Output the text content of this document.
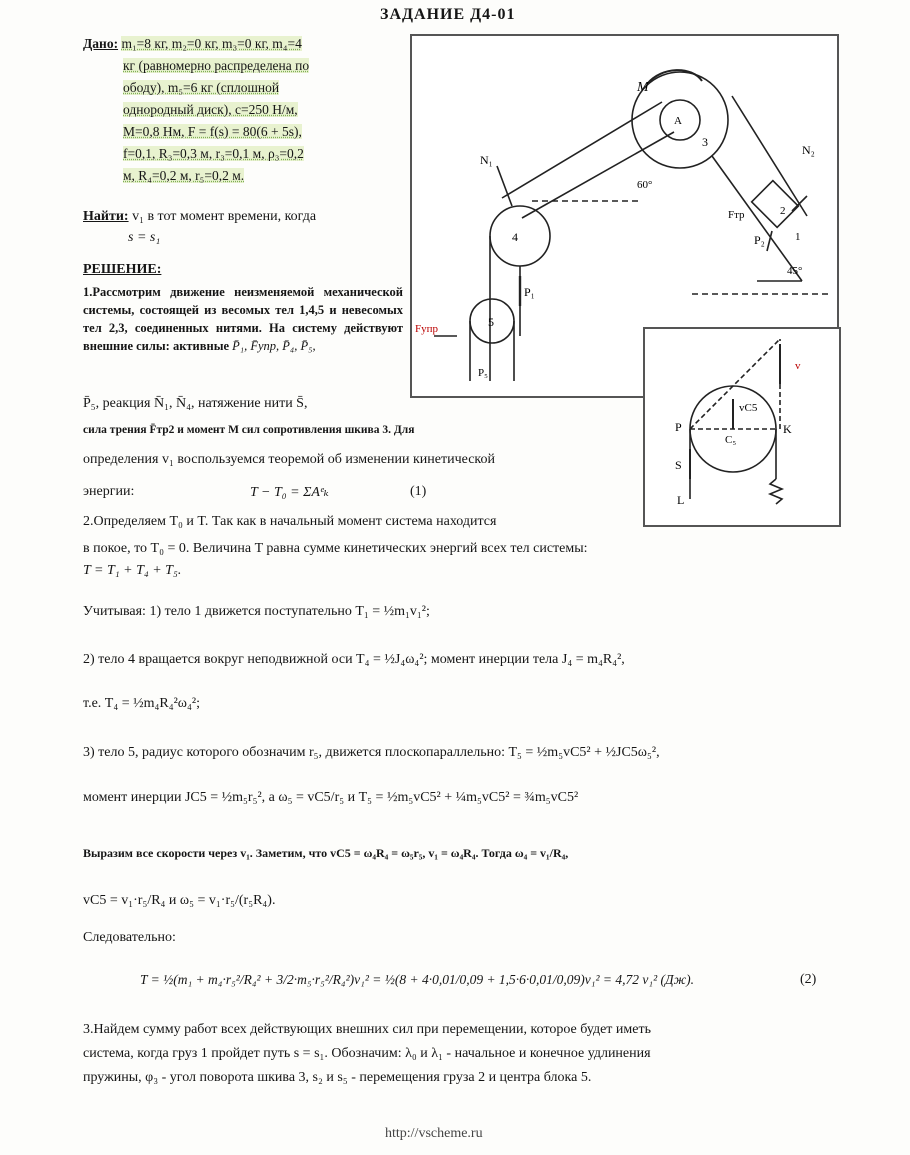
ЗАДАНИЕ Д4-01
Дано: m₁=8 кг, m₂=0 кг, m₃=0 кг, m₄=4
кг (равномерно распределена по
ободу), m₅=6 кг (сплошной
однородный диск), c=250 Н/м,
M=0,8 Нм, F = f(s) = 80(6 + 5s),
f=0,1, R₃=0,3 м, r₃=0,1 м, ρ₃=0,2
м, R₄=0,2 м, r₅=0,2 м.
Найти: v₁ в тот момент времени, когда
s = s₁
РЕШЕНИЕ:
1.Рассмотрим движение неизменяемой механической системы, состоящей из весомых тел 1,4,5 и невесомых тел 2,3, соединенных нитями. На систему действуют внешние силы: активные P̄₁, F̄упр, P̄₄, P̄₅,
P̄₅, реакция N̄₁, N̄₄, натяжение нити S̄,
сила трения F̄тр2 и момент M сил сопротивления шкива 3. Для
определения v₁ воспользуемся теоремой об изменении кинетической
энергии:	T − T₀ = ΣAᵉₖ	(1)
2.Определяем T₀ и T. Так как в начальный момент система находится
в покое, то T₀ = 0. Величина T равна сумме кинетических энергий всех тел системы:
T = T₁ + T₄ + T₅.
Учитывая: 1) тело 1 движется поступательно T₁ = ½m₁v₁²;
2) тело 4 вращается вокруг неподвижной оси T₄ = ½J₄ω₄²; момент инерции тела J₄ = m₄R₄²,
т.е. T₄ = ½m₄R₄²ω₄²;
3) тело 5, радиус которого обозначим r₅, движется плоскопараллельно: T₅ = ½m₅vC5² + ½JC5ω₅²,
момент инерции JC5 = ½m₅r₅², а ω₅ = vC5/r₅ и T₅ = ½m₅vC5² + ¼m₅vC5² = ¾m₅vC5²
Выразим все скорости через v₁. Заметим, что vC5 = ω₄R₄ = ω₅r₅, v₁ = ω₄R₄. Тогда ω₄ = v₁/R₄,
vC5 = v₁·r₅/R₄ и ω₅ = v₁·r₅/(r₅R₄).
Следовательно:
T = ½(m₁ + m₄·r₅²/R₄² + 3/2·m₅·r₅²/R₄²)v₁² = ½(8 + 4·0,01/0,09 + 1,5·6·0,01/0,09)v₁² = 4,72 v₁² (Дж).	(2)
3.Найдем сумму работ всех действующих внешних сил при перемещении, которое будет иметь
система, когда груз 1 пройдет путь s = s₁. Обозначим: λ₀ и λ₁ - начальное и конечное удлинения
пружины, φ₃ - угол поворота шкива 3, s₂ и s₅ - перемещения груза 2 и центра блока 5.
M
N₁
N₂
60°
45°
4
A
3
5
P₁
P₂
Fупр
Fтр
P₅
1
2
v
vC5
P	K
C₅
S
L
http://vscheme.ru
